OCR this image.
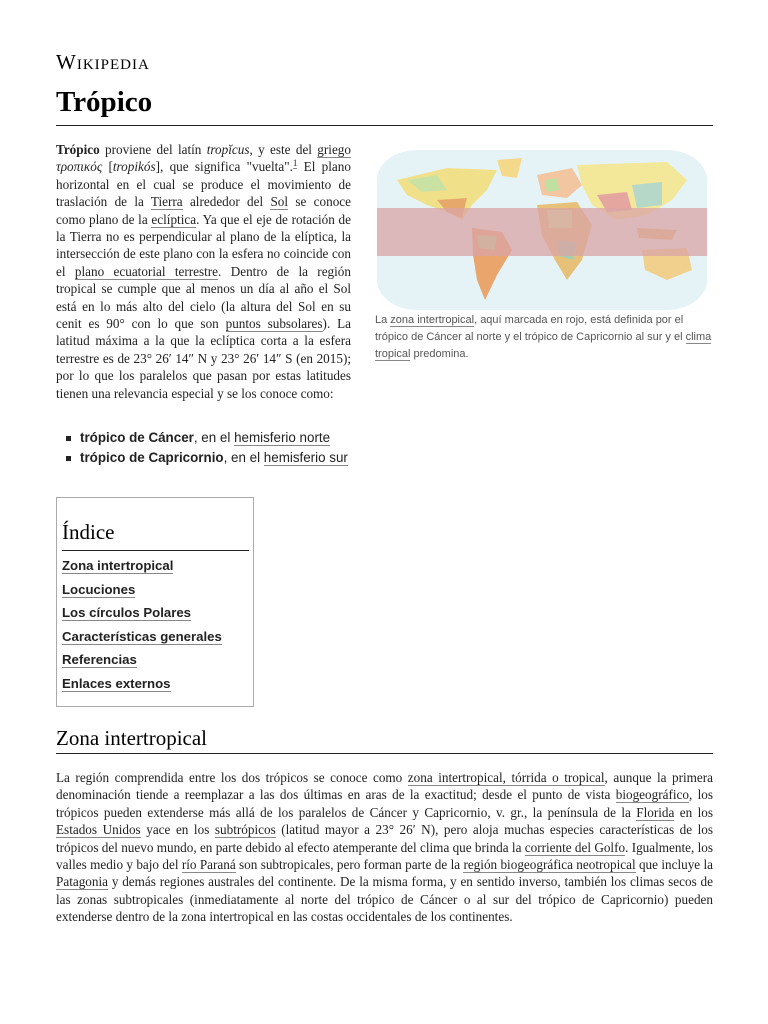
Wikipedia
Trópico
La zona intertropical, aquí marcada en rojo, está definida por el trópico de Cáncer al norte y el trópico de Capricornio al sur y el clima tropical predomina.

Trópico proviene del latín tropĭcus, y este del griego τροπικός [tropikós], que significa "vuelta".$^1$ El plano horizontal en el cual se produce el movimiento de traslación de la Tierra alrededor del Sol se conoce como plano de la eclíptica. Ya que el eje de rotación de la Tierra no es perpendicular al plano de la elíptica, la intersección de este plano con la esfera no coincide con el plano ecuatorial terrestre. Dentro de la región tropical se cumple que al menos un día al año el Sol está en lo más alto del cielo (la altura del Sol en su cenit es 90° con lo que son puntos subsolares). La latitud máxima a la que la eclíptica corta a la esfera terrestre es de 23° 26′ 14″ N y 23° 26′ 14″ S (en 2015); por lo que los paralelos que pasan por estas latitudes tienen una relevancia especial y se los conoce como:

trópico de Cáncer, en el hemisferio norte
trópico de Capricornio, en el hemisferio sur
Índice
Zona intertropical
Locuciones
Los círculos Polares
Características generales
Referencias
Enlaces externos
Zona intertropical

La región comprendida entre los dos trópicos se conoce como zona intertropical, tórrida o tropical, aunque la primera denominación tiende a reemplazar a las dos últimas en aras de la exactitud; desde el punto de vista biogeográfico, los trópicos pueden extenderse más allá de los paralelos de Cáncer y Capricornio, v. gr., la península de la Florida en los Estados Unidos yace en los subtrópicos (latitud mayor a 23° 26′ N), pero aloja muchas especies características de los trópicos del nuevo mundo, en parte debido al efecto atemperante del clima que brinda la corriente del Golfo. Igualmente, los valles medio y bajo del río Paraná son subtropicales, pero forman parte de la región biogeográfica neotropical que incluye la Patagonia y demás regiones australes del continente. De la misma forma, y en sentido inverso, también los climas secos de las zonas subtropicales (inmediatamente al norte del trópico de Cáncer o al sur del trópico de Capricornio) pueden extenderse dentro de la zona intertropical en las costas occidentales de los continentes.
